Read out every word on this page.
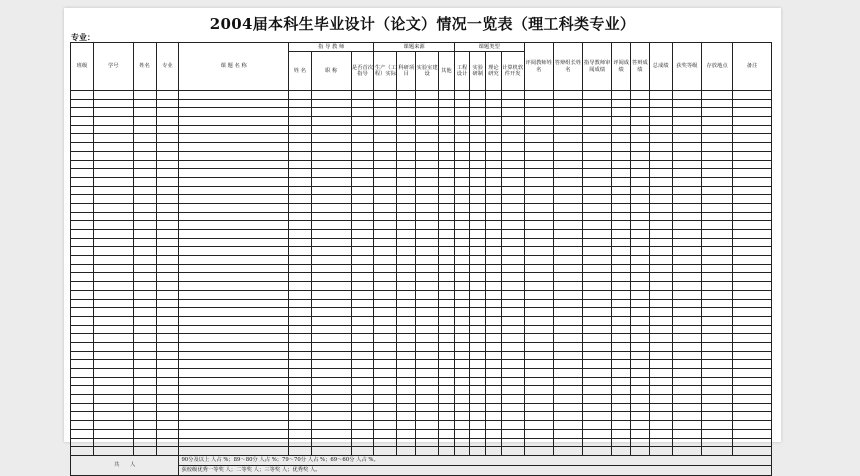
2004届本科生毕业设计（论文）情况一览表（理工科类专业）
专业：
班级	学号	姓名	专业	课 题 名 称	指 导 教 师			课题来源				课题类型				评阅教师姓 名	答辩组长姓 名	指导教师审阅成绩	评阅成绩	答辩成绩	总成绩	获奖等级	存放地点	备注
					姓 名	职 称	是否首次指导	生产（工程）实际	科研项目	实验室建设	其他	工程设计	实验研制	理论研究	计算机软件开发									

共　　人				90分及以上 人占 %；89～80分 人占 %；79～70分 人占 %；69～60分 人占 %。																				
				获校级优秀一等奖 人；二等奖 人；三等奖 人；优秀奖 人。																				
